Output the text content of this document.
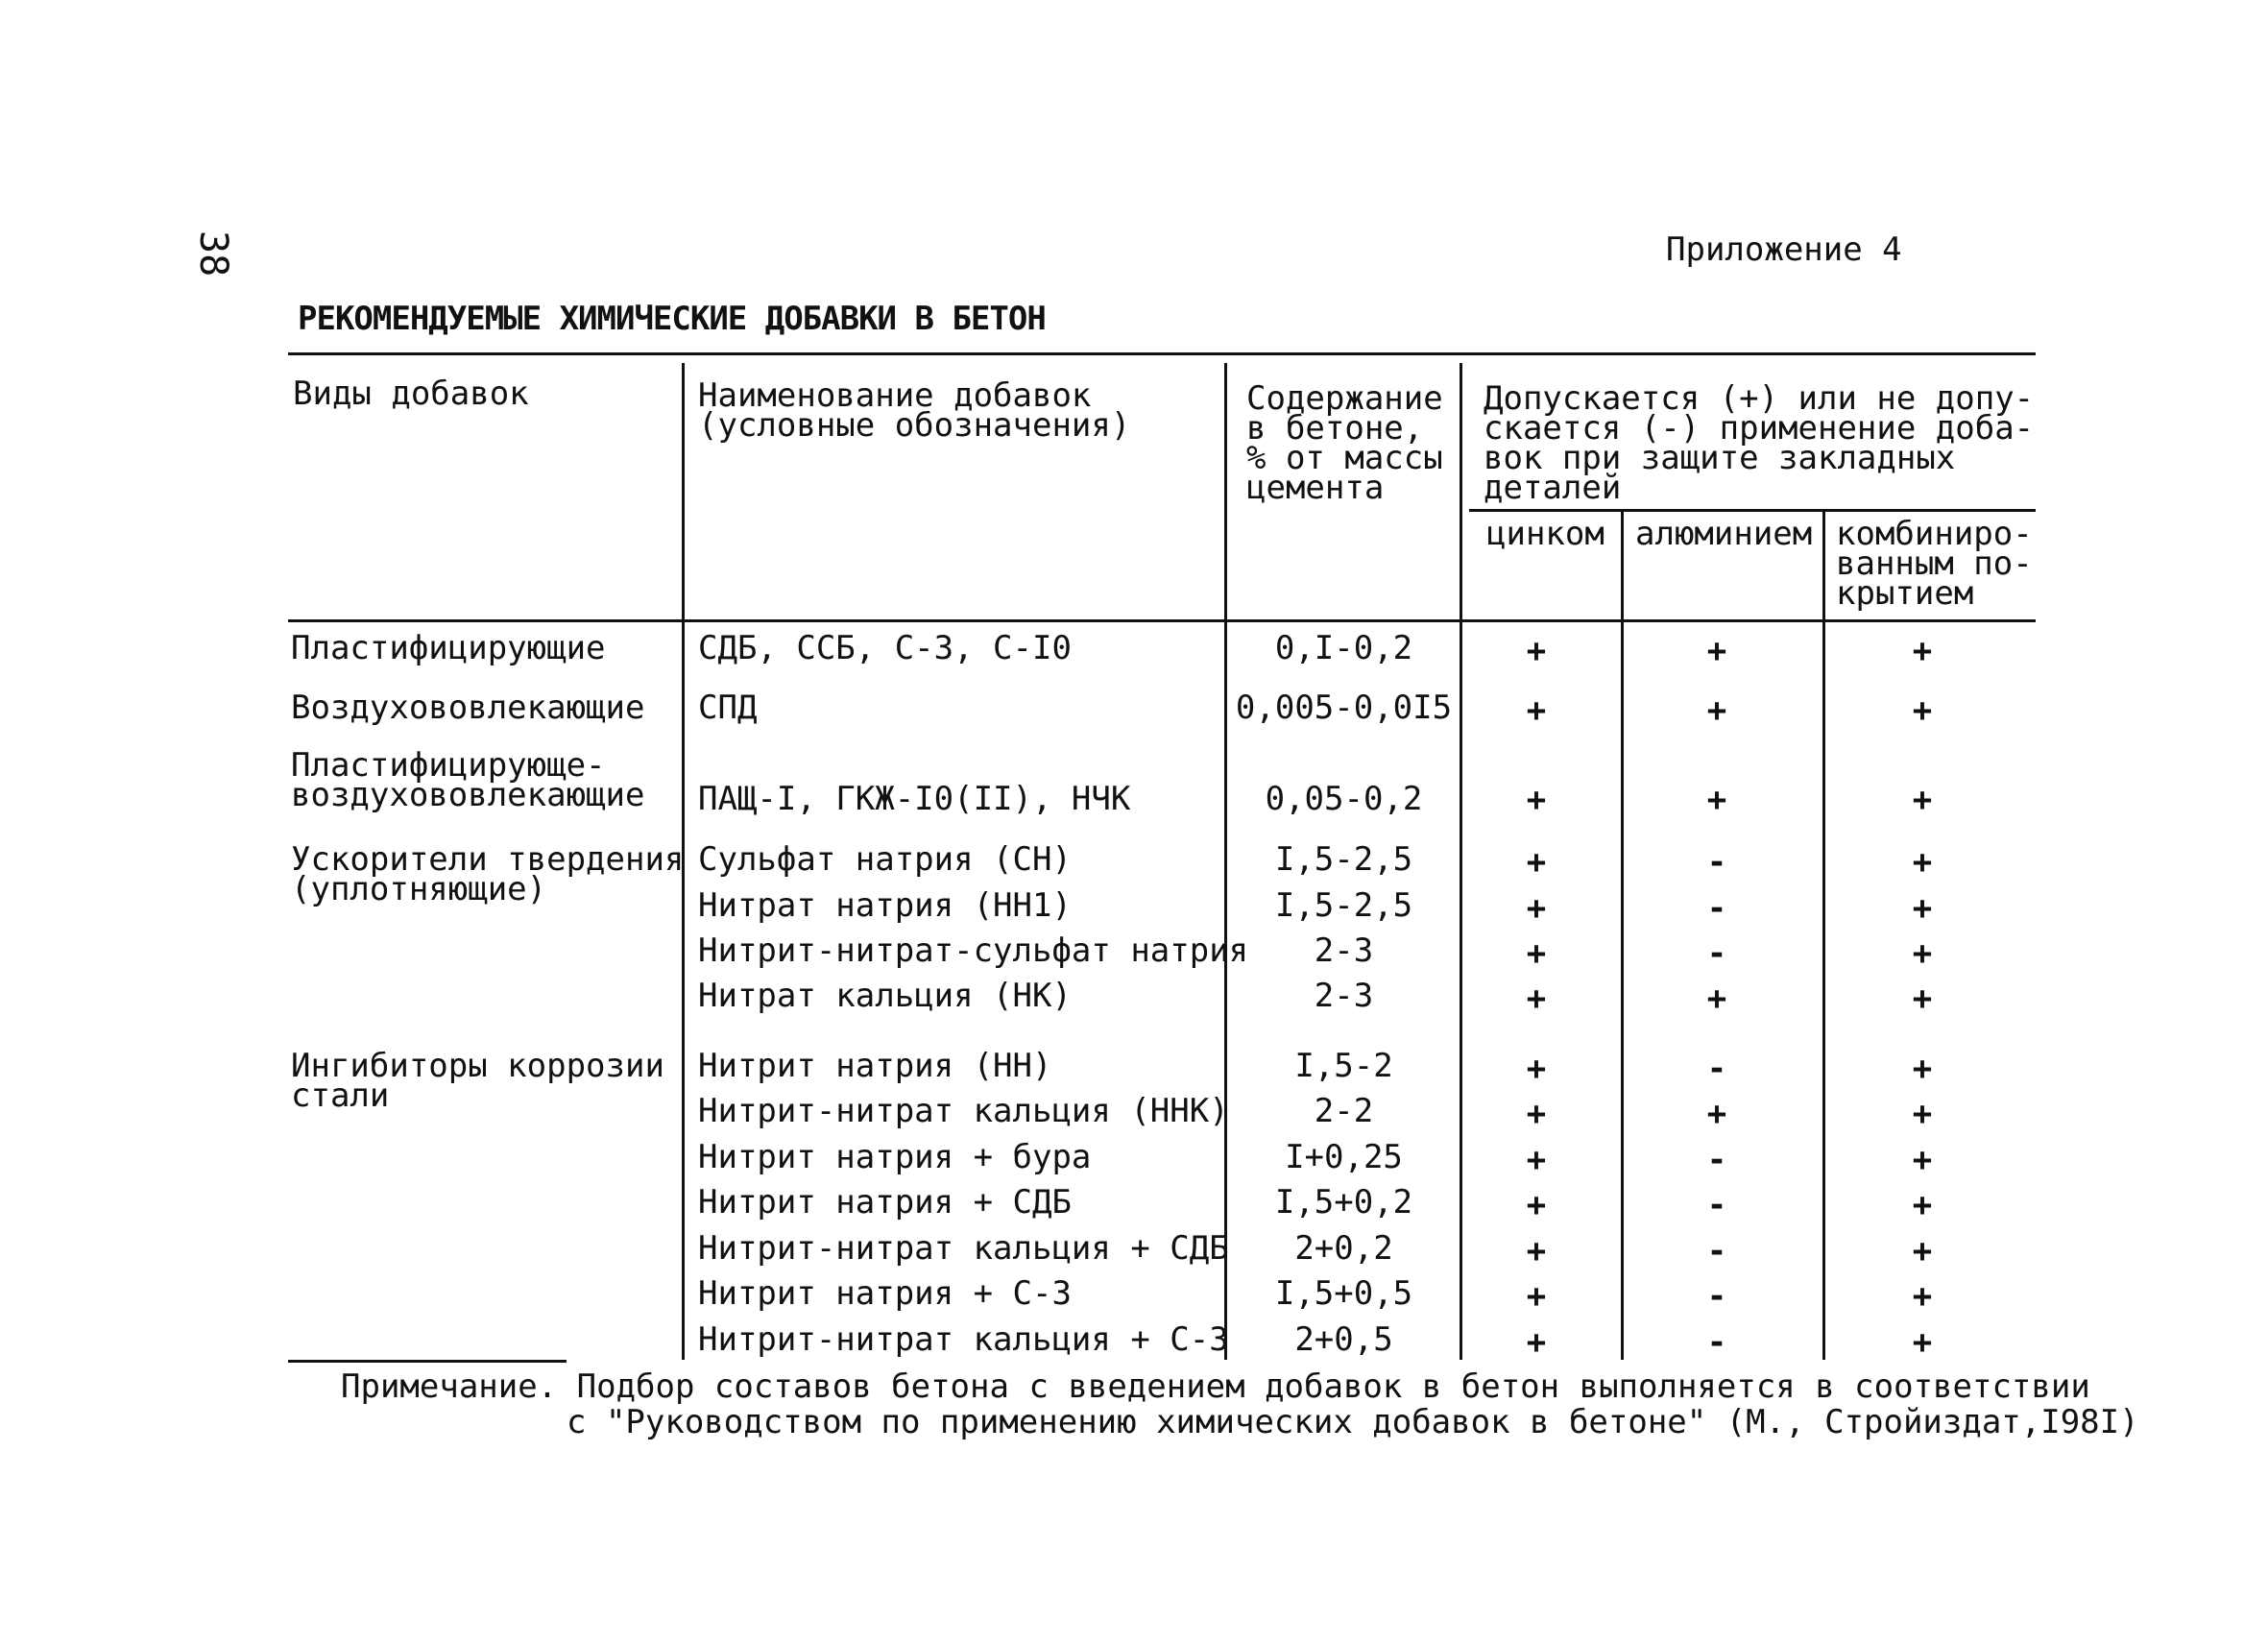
38	Приложение 4
РЕКОМЕНДУЕМЫЕ ХИМИЧЕСКИЕ ДОБАВКИ В БЕТОН
Виды добавок	Наименование добавок
(условные обозначения)
Содержание
в бетоне,
% от массы
цемента
Допускается (+) или не допу-
скается (-) применение доба-
вок при защите закладных
деталей
цинком алюминием комбиниро-
ванным по-
крытием
Пластифицирующие	СДБ, ССБ, С-3, С-I0	0,I-0,2	+	+	+
Воздухововлекающие СПД	0,005-0,0I5 +	+	+
Пластифицирующе-
воздухововлекающие ПАЩ-I, ГКЖ-I0(II), НЧК	0,05-0,2	+	+	+
Ускорители твердения
(уплотняющие)
Сульфат натрия (СН)	I,5-2,5	+	-	+
Нитрат натрия (НН1)	I,5-2,5	+	-	+
Нитрит-нитрат-сульфат натрия	2-3	+	-	+
Нитрат кальция (НК)	2-3	+	+	+
Ингибиторы коррозии
стали
Нитрит натрия (НН)	I,5-2	+	-	+
Нитрит-нитрат кальция (ННК)	2-2	+	+	+
Нитрит натрия + бура	I+0,25	+	-	+
Нитрит натрия + СДБ	I,5+0,2	+	-	+
Нитрит-нитрат кальция + СДБ	2+0,2	+	-	+
Нитрит натрия + С-3	I,5+0,5	+	-	+
Нитрит-нитрат кальция + С-3	2+0,5	+	-	+
Примечание. Подбор составов бетона с введением добавок в бетон выполняется в соответствии
с "Руководством по применению химических добавок в бетоне" (М., Стройиздат,I98I)
